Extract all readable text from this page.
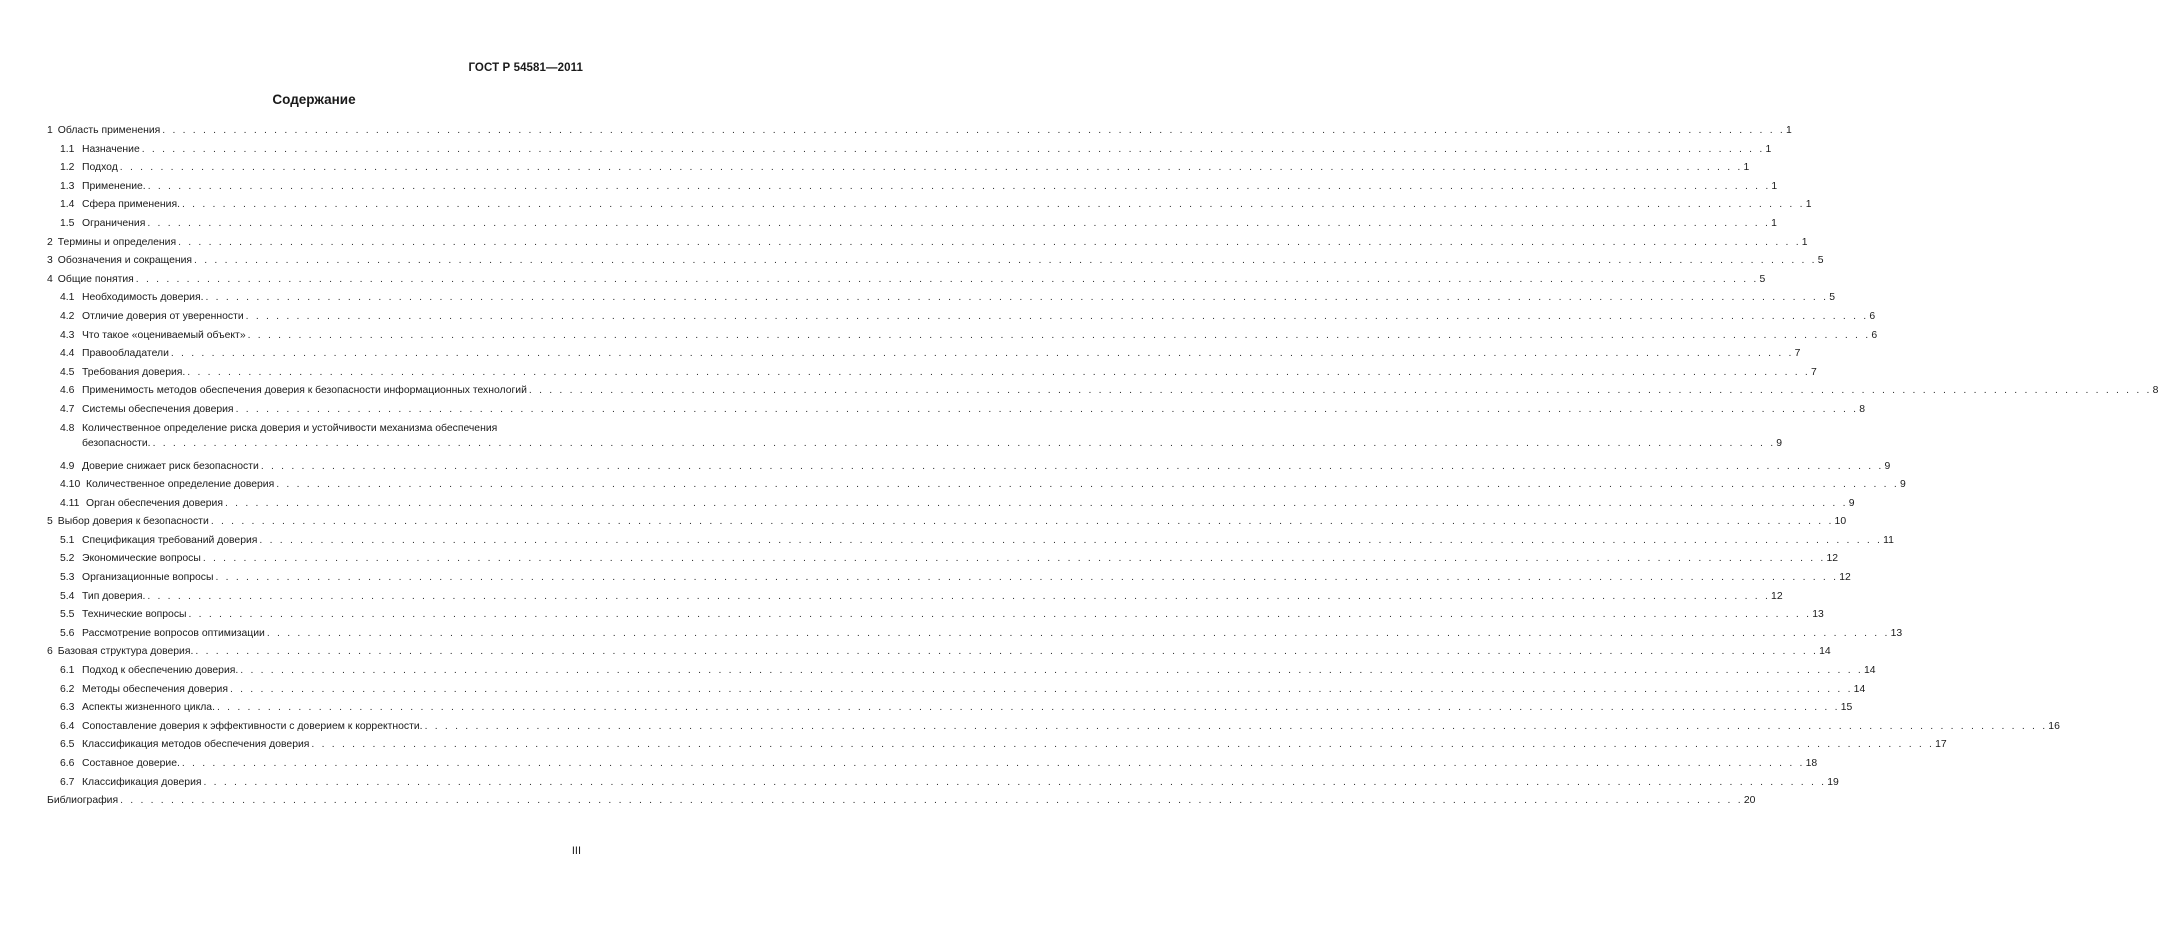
ГОСТ Р 54581—2011
Содержание
1 Область применения . . .	1
1.1 Назначение . . .	1
1.2 Подход . . .	1
1.3 Применение. . . .	1
1.4 Сфера применения. . . .	1
1.5 Ограничения . . .	1
2 Термины и определения . . .	1
3 Обозначения и сокращения . . .	5
4 Общие понятия . . .	5
4.1 Необходимость доверия. . . .	5
4.2 Отличие доверия от уверенности . . .	6
4.3 Что такое «оцениваемый объект» . . .	6
4.4 Правообладатели . . .	7
4.5 Требования доверия. . . .	7
4.6 Применимость методов обеспечения доверия к безопасности информационных технологий . . .	8
4.7 Системы обеспечения доверия . . .	8
4.8 Количественное определение риска доверия и устойчивости механизма обеспечения
безопасности. . . .	9
4.9 Доверие снижает риск безопасности . . .	9
4.10 Количественное определение доверия . . .	9
4.11 Орган обеспечения доверия . . .	9
5 Выбор доверия к безопасности . . .	10
5.1 Спецификация требований доверия . . .	11
5.2 Экономические вопросы . . .	12
5.3 Организационные вопросы . . .	12
5.4 Тип доверия. . . .	12
5.5 Технические вопросы . . .	13
5.6 Рассмотрение вопросов оптимизации . . .	13
6 Базовая структура доверия. . . .	14
6.1 Подход к обеспечению доверия. . . .	14
6.2 Методы обеспечения доверия . . .	14
6.3 Аспекты жизненного цикла. . . .	15
6.4 Сопоставление доверия к эффективности с доверием к корректности. . . .	16
6.5 Классификация методов обеспечения доверия . . .	17
6.6 Составное доверие. . . .	18
6.7 Классификация доверия . . .	19
Библиография . . .	20
III
